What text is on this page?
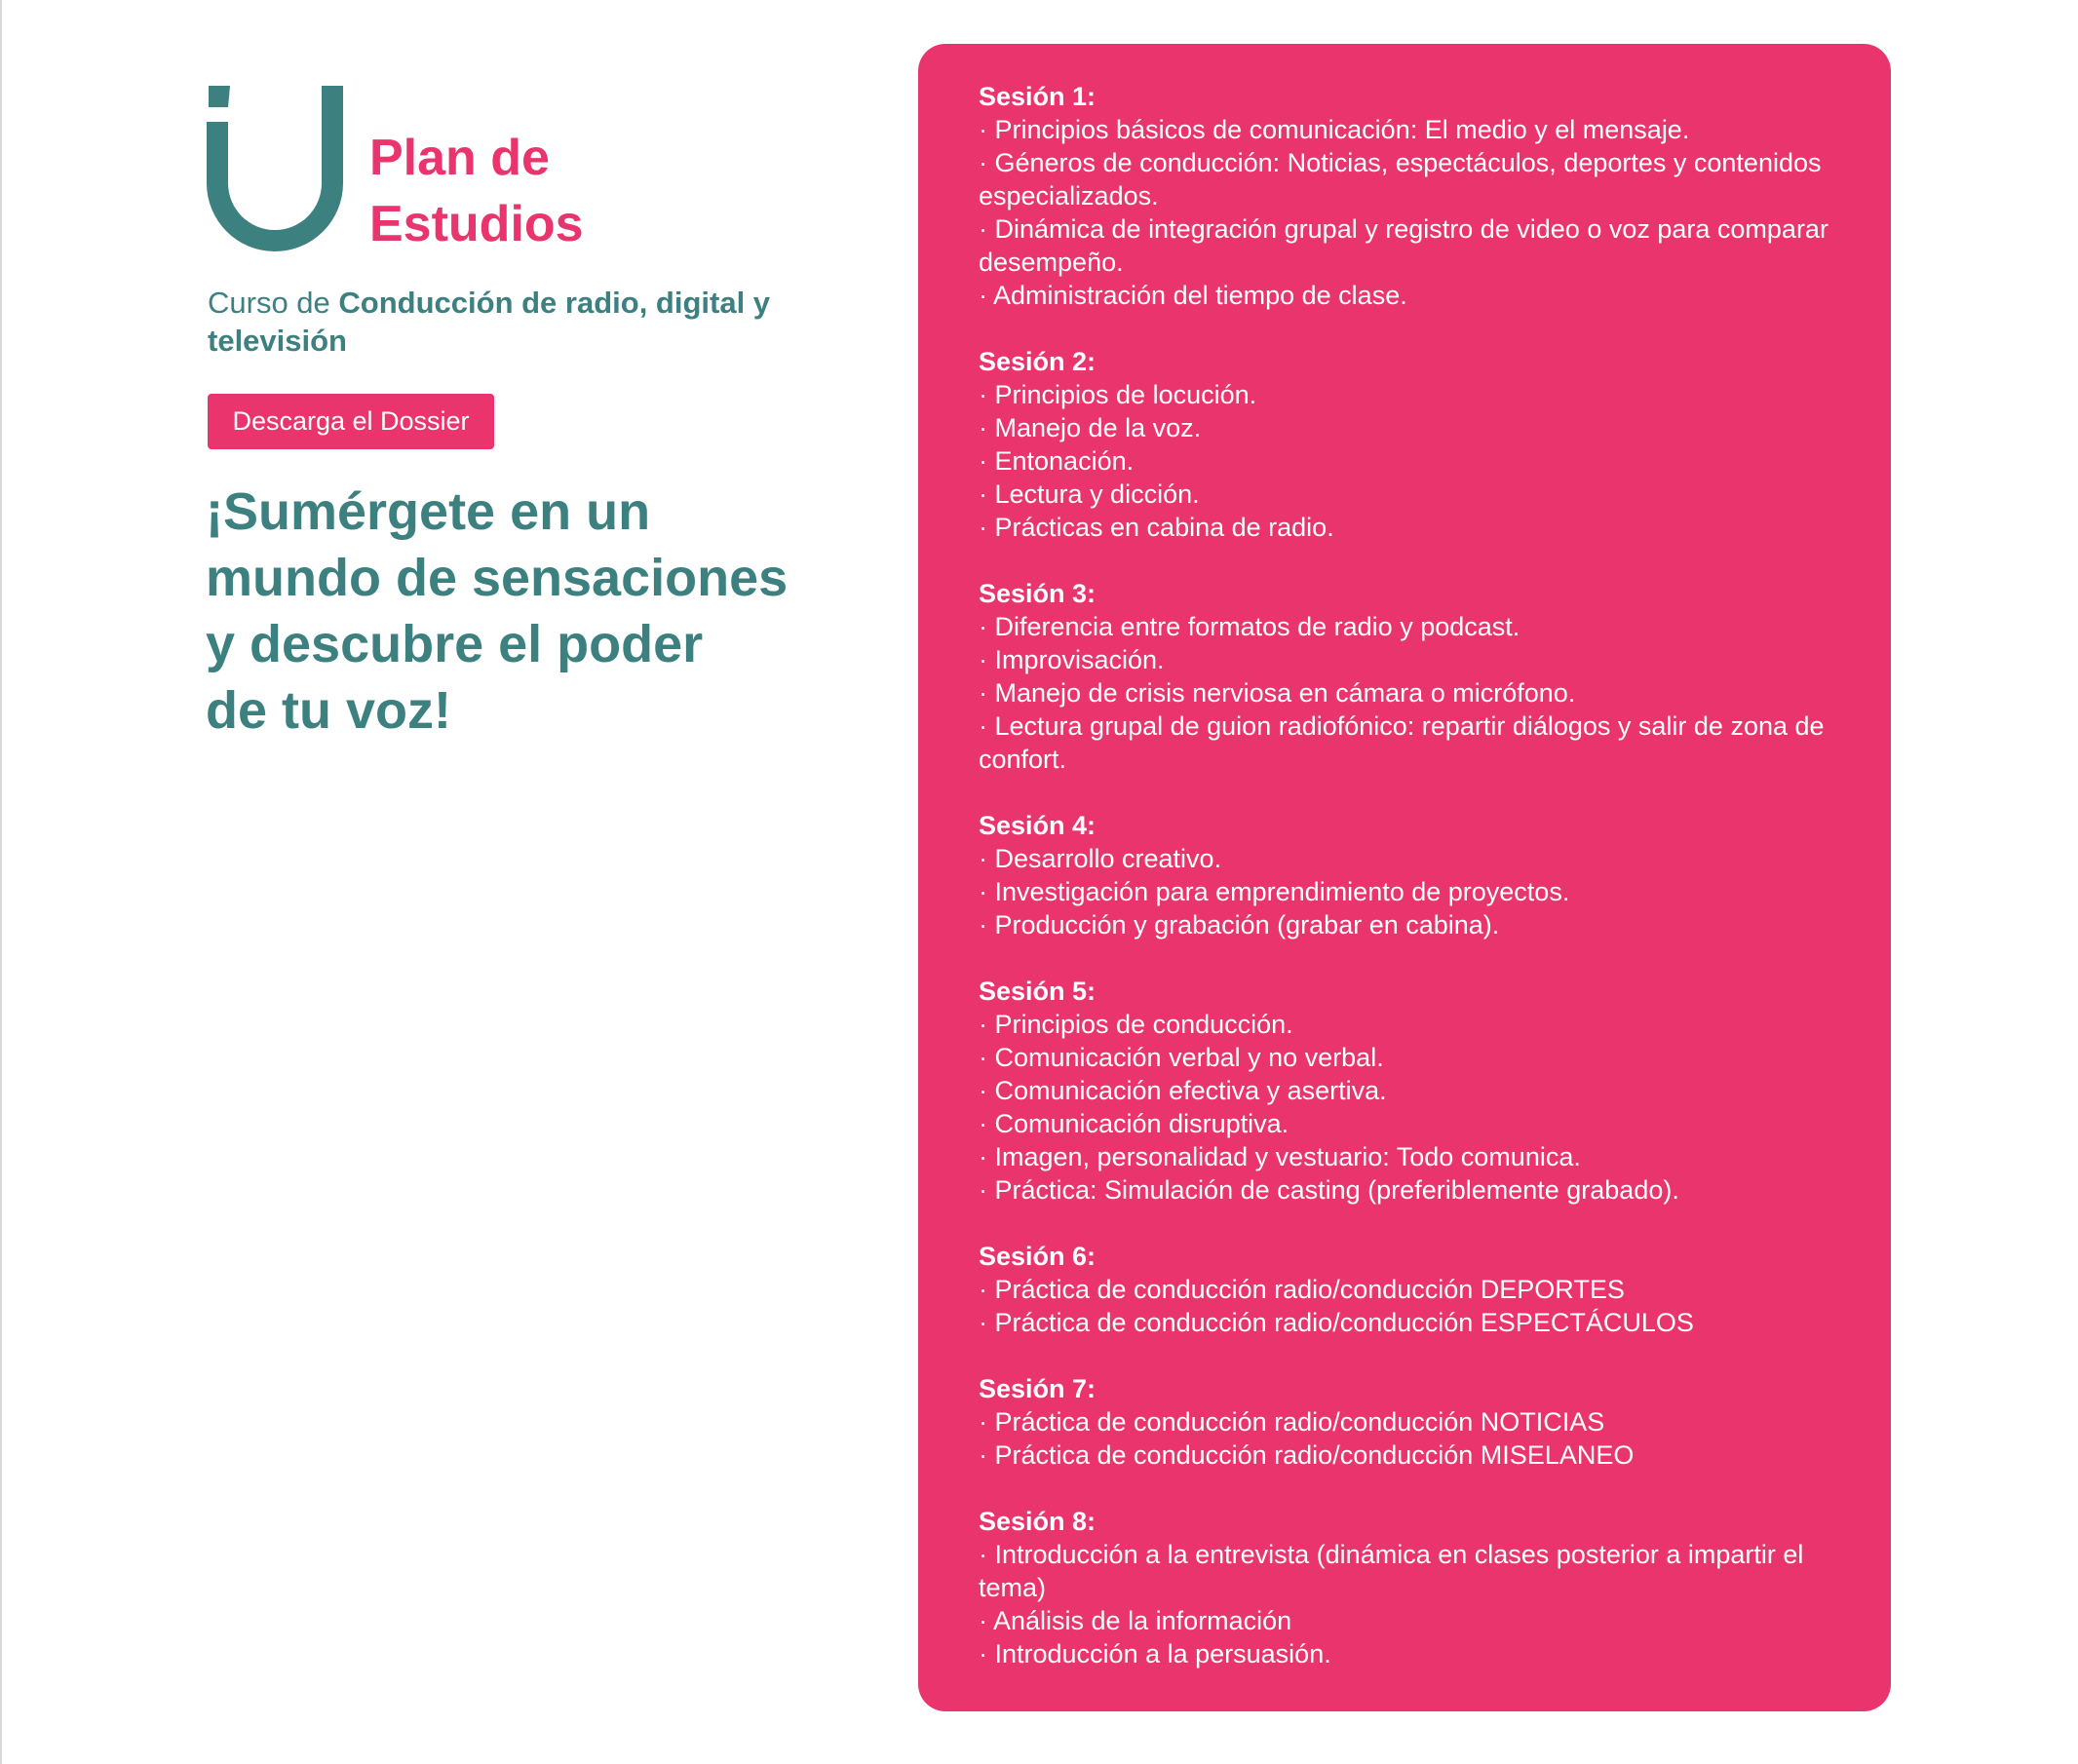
Plan de
Estudios
Curso de Conducción de radio, digital y televisión
Descarga el Dossier
¡Sumérgete en un
mundo de sensaciones
y descubre el poder
de tu voz!
Sesión 1:
· Principios básicos de comunicación: El medio y el mensaje.
· Géneros de conducción: Noticias, espectáculos, deportes y contenidos especializados.
· Dinámica de integración grupal y registro de video o voz para comparar desempeño.
· Administración del tiempo de clase.
Sesión 2:
· Principios de locución.
· Manejo de la voz.
· Entonación.
· Lectura y dicción.
· Prácticas en cabina de radio.
Sesión 3:
· Diferencia entre formatos de radio y podcast.
· Improvisación.
· Manejo de crisis nerviosa en cámara o micrófono.
· Lectura grupal de guion radiofónico: repartir diálogos y salir de zona de confort.
Sesión 4:
· Desarrollo creativo.
· Investigación para emprendimiento de proyectos.
· Producción y grabación (grabar en cabina).
Sesión 5:
· Principios de conducción.
· Comunicación verbal y no verbal.
· Comunicación efectiva y asertiva.
· Comunicación disruptiva.
· Imagen, personalidad y vestuario: Todo comunica.
· Práctica: Simulación de casting (preferiblemente grabado).
Sesión 6:
· Práctica de conducción radio/conducción DEPORTES
· Práctica de conducción radio/conducción ESPECTÁCULOS
Sesión 7:
· Práctica de conducción radio/conducción NOTICIAS
· Práctica de conducción radio/conducción MISELANEO
Sesión 8:
· Introducción a la entrevista (dinámica en clases posterior a impartir el tema)
· Análisis de la información
· Introducción a la persuasión.
